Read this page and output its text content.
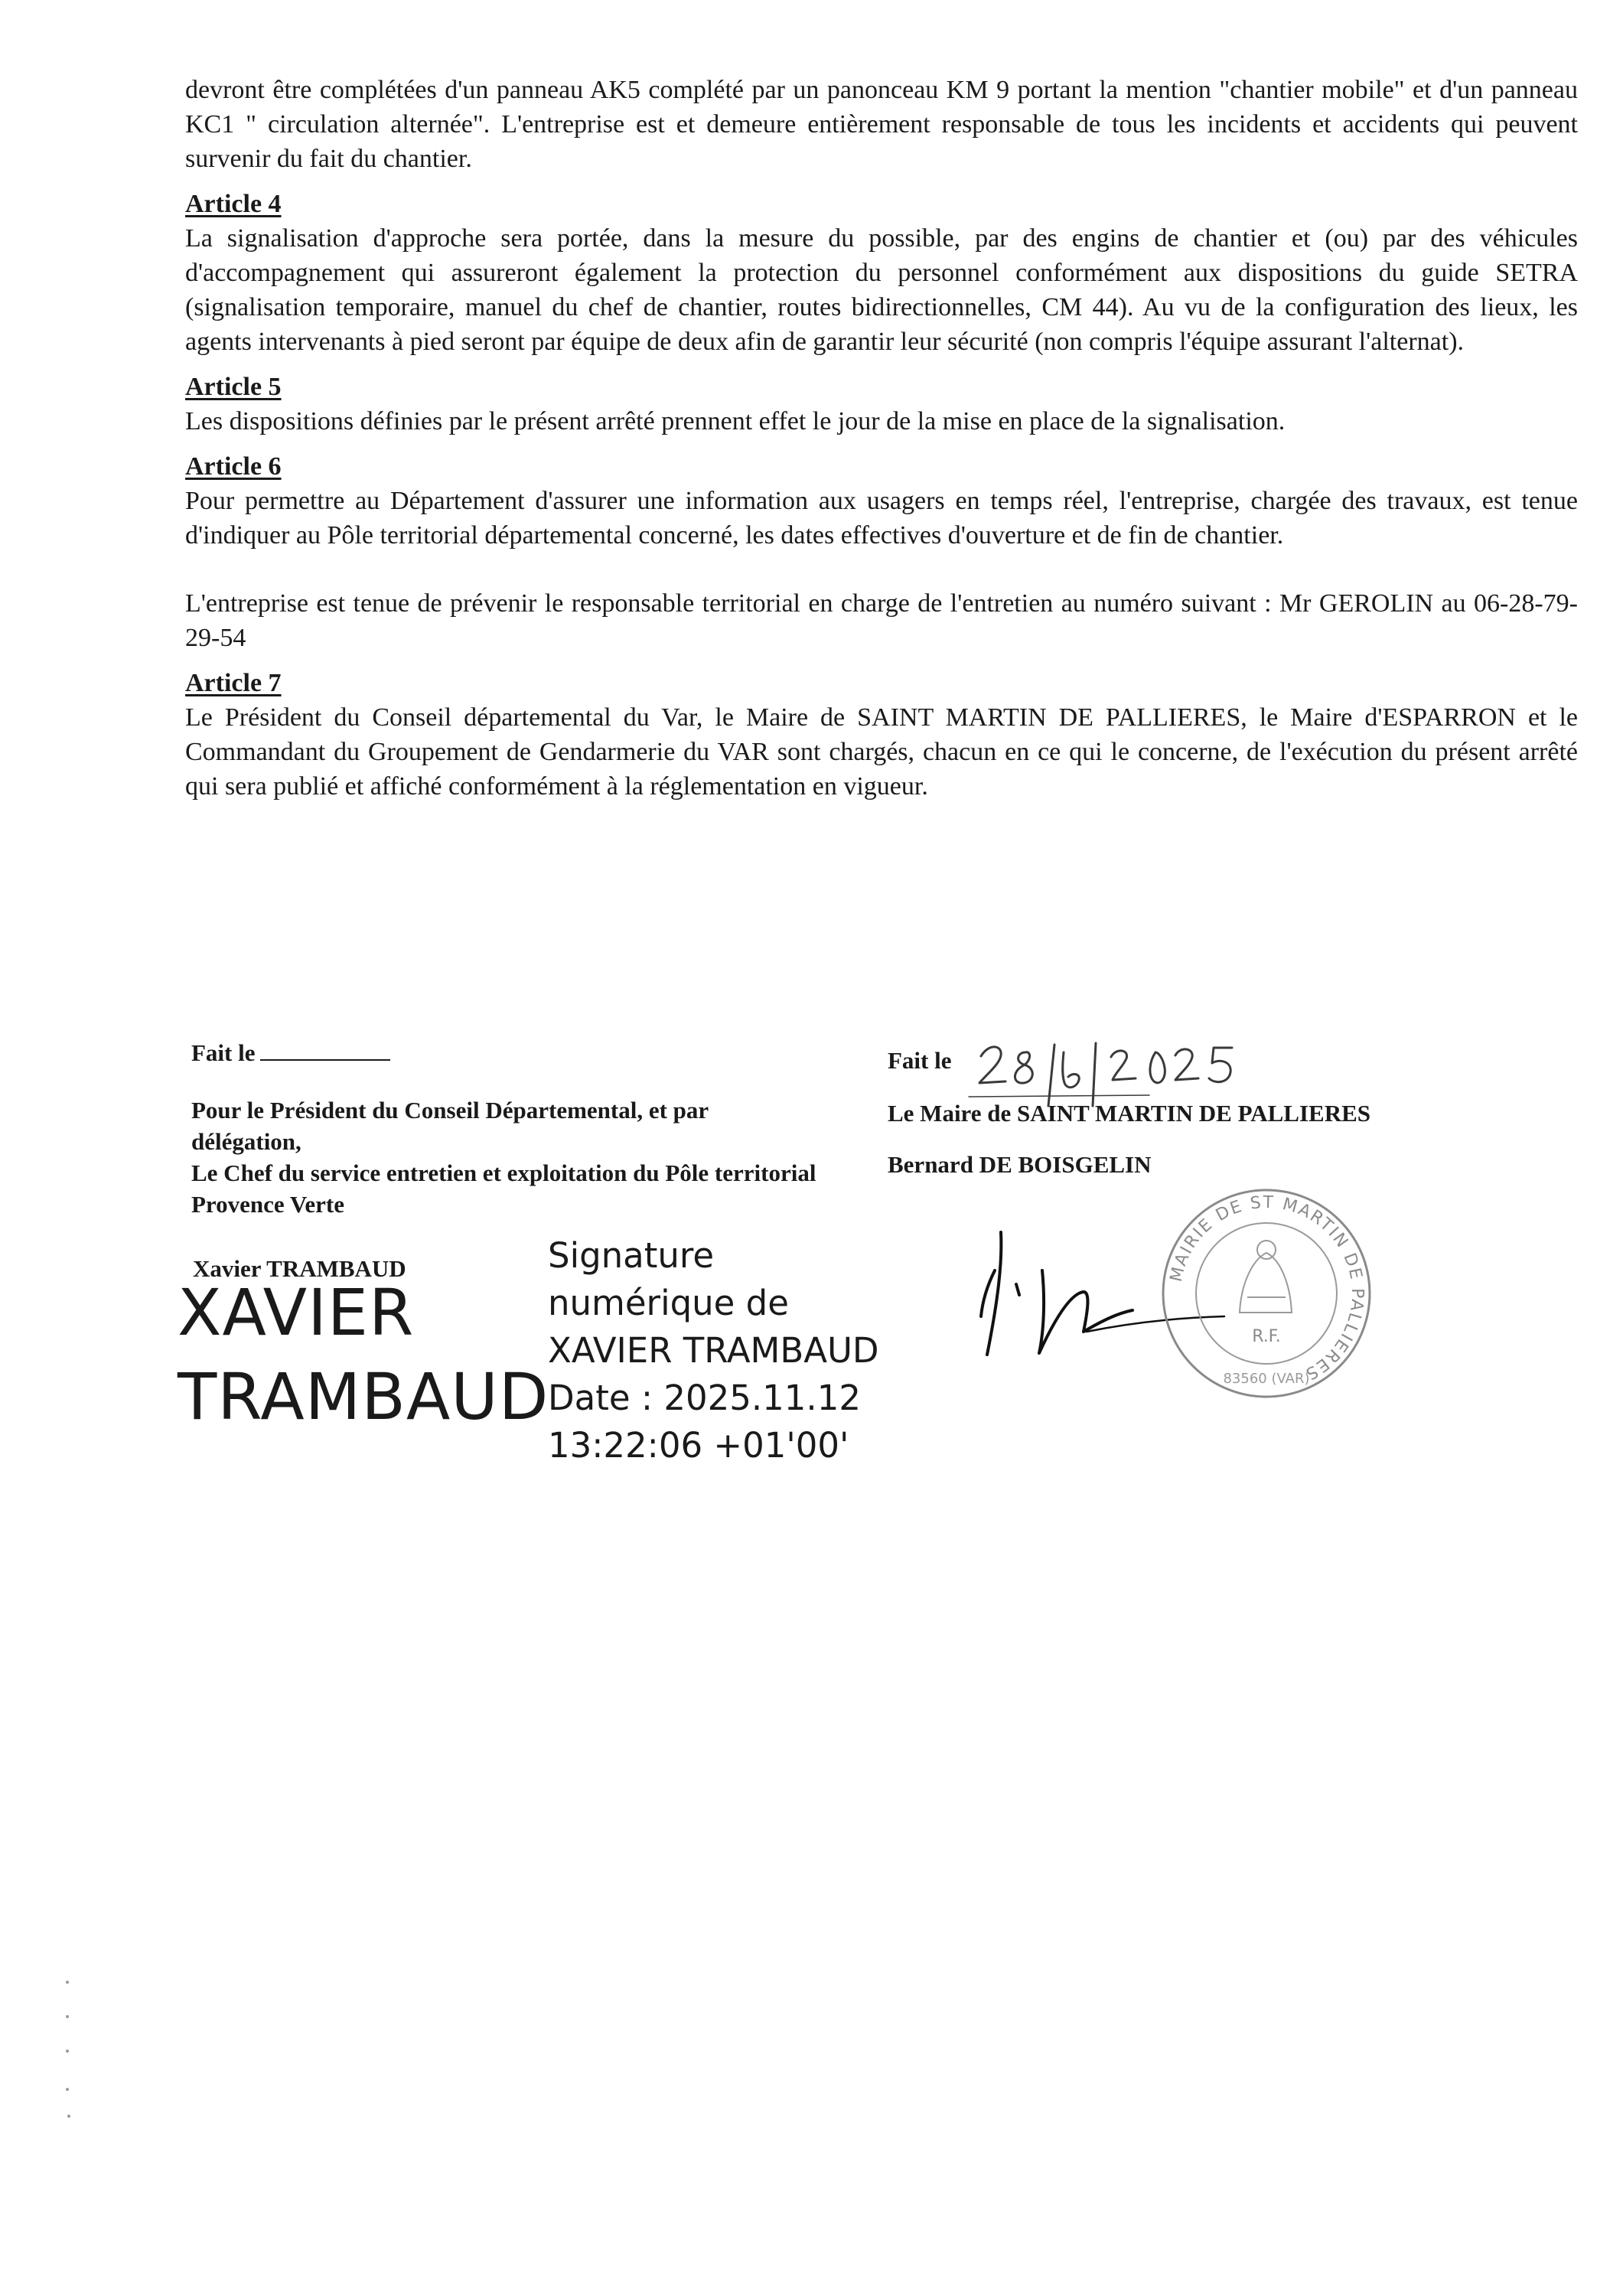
devront être complétées d'un panneau AK5 complété par un panonceau KM 9 portant la mention "chantier mobile" et d'un panneau KC1 " circulation alternée". L'entreprise est et demeure entièrement responsable de tous les incidents et accidents qui peuvent survenir du fait du chantier.

Article 4

La signalisation d'approche sera portée, dans la mesure du possible, par des engins de chantier et (ou) par des véhicules d'accompagnement qui assureront également la protection du personnel conformément aux dispositions du guide SETRA (signalisation temporaire, manuel du chef de chantier, routes bidirectionnelles, CM 44). Au vu de la configuration des lieux, les agents intervenants à pied seront par équipe de deux afin de garantir leur sécurité (non compris l'équipe assurant l'alternat).

Article 5

Les dispositions définies par le présent arrêté prennent effet le jour de la mise en place de la signalisation.

Article 6

Pour permettre au Département d'assurer une information aux usagers en temps réel, l'entreprise, chargée des travaux, est tenue d'indiquer au Pôle territorial départemental concerné, les dates effectives d'ouverture et de fin de chantier.

L'entreprise est tenue de prévenir le responsable territorial en charge de l'entretien au numéro suivant : Mr GEROLIN au 06-28-79-29-54

Article 7

Le Président du Conseil départemental du Var, le Maire de SAINT MARTIN DE PALLIERES, le Maire d'ESPARRON et le Commandant du Groupement de Gendarmerie du VAR sont chargés, chacun en ce qui le concerne, de l'exécution du présent arrêté qui sera publié et affiché conformément à la réglementation en vigueur.

Fait le

Pour le Président du Conseil Départemental, et par délégation,

Le Chef du service entretien et exploitation du Pôle territorial Provence Verte

Xavier TRAMBAUD
XAVIER
TRAMBAUD
Signature
numérique de
XAVIER TRAMBAUD
Date : 2025.11.12
13:22:06 +01'00'

Fait le

Le Maire de SAINT MARTIN DE PALLIERES

Bernard DE BOISGELIN

MAIRIE DE ST MARTIN DE PALLIERES
R.F.
83560 (VAR)
